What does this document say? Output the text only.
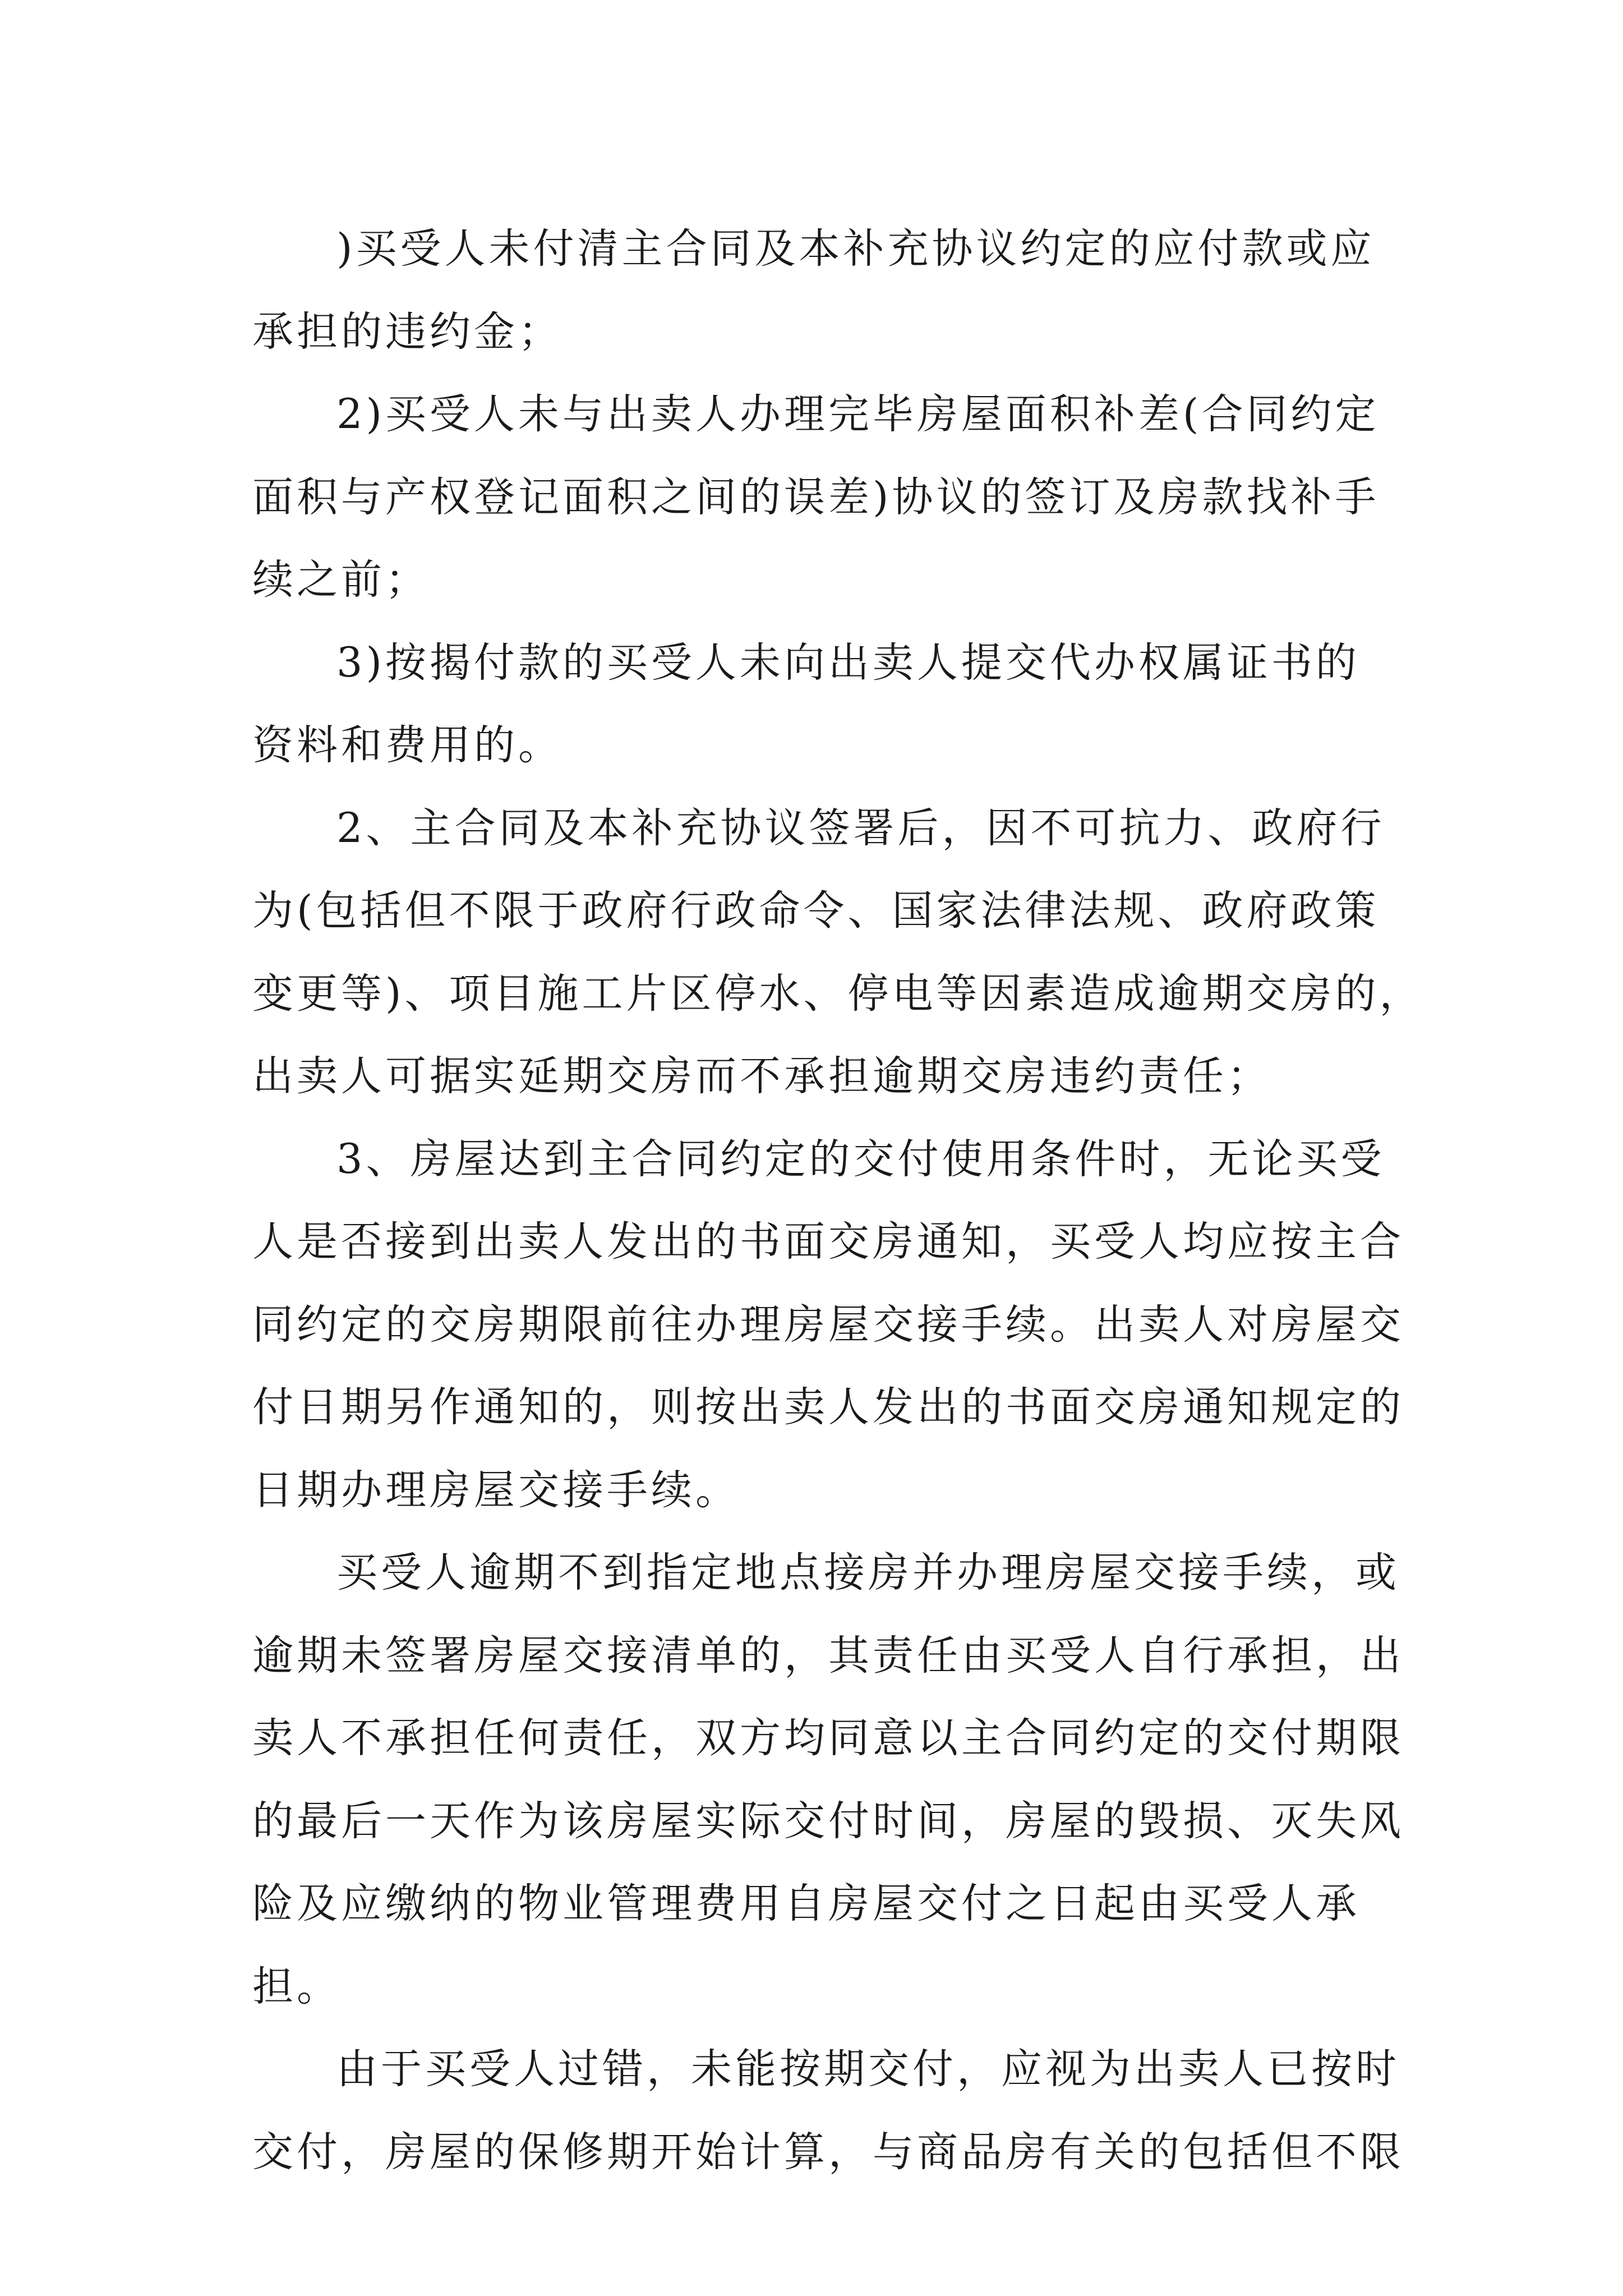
)买受人未付清主合同及本补充协议约定的应付款或应
承担的违约金；
2)买受人未与出卖人办理完毕房屋面积补差(合同约定
面积与产权登记面积之间的误差)协议的签订及房款找补手
续之前；
3)按揭付款的买受人未向出卖人提交代办权属证书的
资料和费用的。
2、主合同及本补充协议签署后，因不可抗力、政府行
为(包括但不限于政府行政命令、国家法律法规、政府政策
变更等)、项目施工片区停水、停电等因素造成逾期交房的，
出卖人可据实延期交房而不承担逾期交房违约责任；
3、房屋达到主合同约定的交付使用条件时，无论买受
人是否接到出卖人发出的书面交房通知，买受人均应按主合
同约定的交房期限前往办理房屋交接手续。出卖人对房屋交
付日期另作通知的，则按出卖人发出的书面交房通知规定的
日期办理房屋交接手续。
买受人逾期不到指定地点接房并办理房屋交接手续，或
逾期未签署房屋交接清单的，其责任由买受人自行承担，出
卖人不承担任何责任，双方均同意以主合同约定的交付期限
的最后一天作为该房屋实际交付时间，房屋的毁损、灭失风
险及应缴纳的物业管理费用自房屋交付之日起由买受人承
担。
由于买受人过错，未能按期交付，应视为出卖人已按时
交付，房屋的保修期开始计算，与商品房有关的包括但不限
